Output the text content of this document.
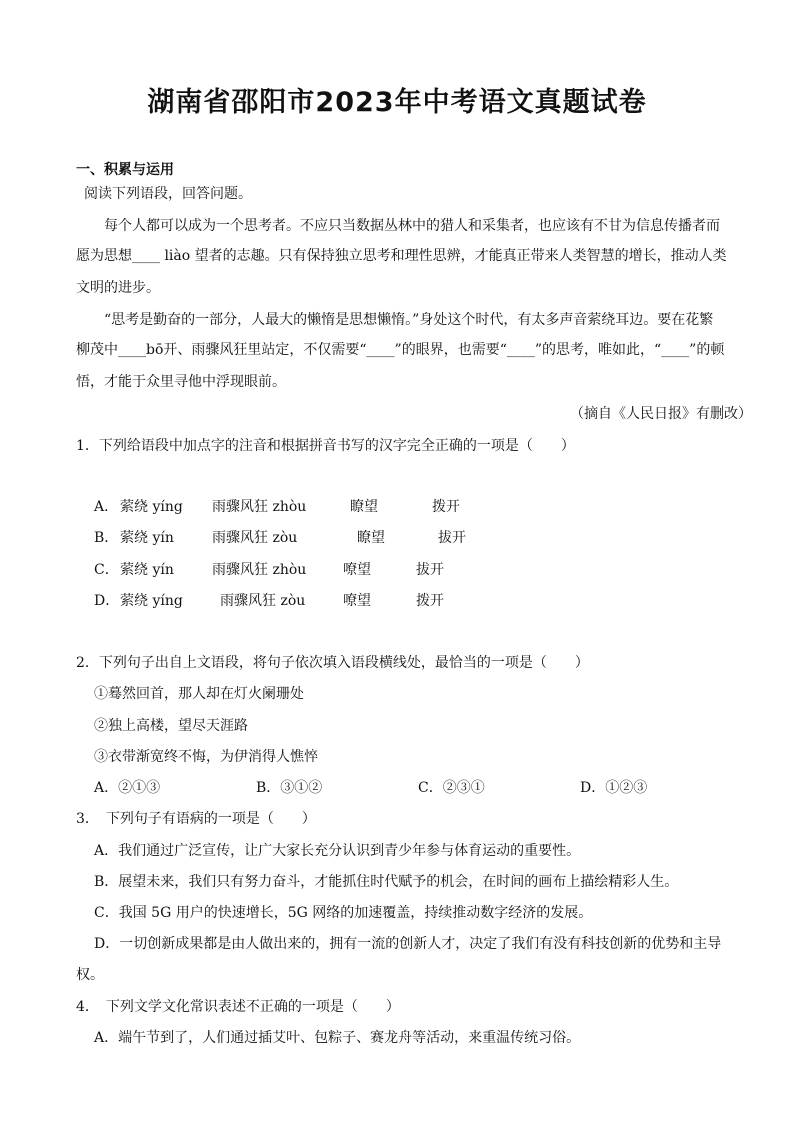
湖南省邵阳市2023年中考语文真题试卷
一、积累与运用
阅读下列语段，回答问题。
每个人都可以成为一个思考者。不应只当数据丛林中的猎人和采集者，也应该有不甘为信息传播者而
愿为思想____ liào 望者的志趣。只有保持独立思考和理性思辨，才能真正带来人类智慧的增长，推动人类
文明的进步。
“思考是勤奋的一部分，人最大的懒惰是思想懒惰。”身处这个时代，有太多声音萦绕耳边。要在花繁
柳茂中____bō开、雨骤风狂里站定，不仅需要“____”的眼界，也需要“____”的思考，唯如此，“____”的顿
悟，才能于众里寻他中浮现眼前。
（摘自《人民日报》有删改）
1．下列给语段中加点字的注音和根据拼音书写的汉字完全正确的一项是（　　）
A． 萦绕 yíng 雨骤风狂 zhòu	瞭望	拨开
B． 萦绕 yín	雨骤风狂 zòu	瞭望	拔开
C． 萦绕 yín	雨骤风狂 zhòu	嘹望	拔开
D． 萦绕 yíng	雨骤风狂 zòu	嘹望	拨开
2．下列句子出自上文语段，将句子依次填入语段横线处，最恰当的一项是（　　）
①蓦然回首，那人却在灯火阑珊处
②独上高楼，望尽天涯路
③衣带渐宽终不悔，为伊消得人憔悴
A．②①③	B．③①②	C．②③①	D．①②③
3．　下列句子有语病的一项是（　　）
A．我们通过广泛宣传，让广大家长充分认识到青少年参与体育运动的重要性。
B．展望未来，我们只有努力奋斗，才能抓住时代赋予的机会，在时间的画布上描绘精彩人生。
C．我国 5G 用户的快速增长，5G 网络的加速覆盖，持续推动数字经济的发展。
D．一切创新成果都是由人做出来的，拥有一流的创新人才，决定了我们有没有科技创新的优势和主导
权。
4．　下列文学文化常识表述不正确的一项是（　　）
A．端午节到了，人们通过插艾叶、包粽子、赛龙舟等活动，来重温传统习俗。
